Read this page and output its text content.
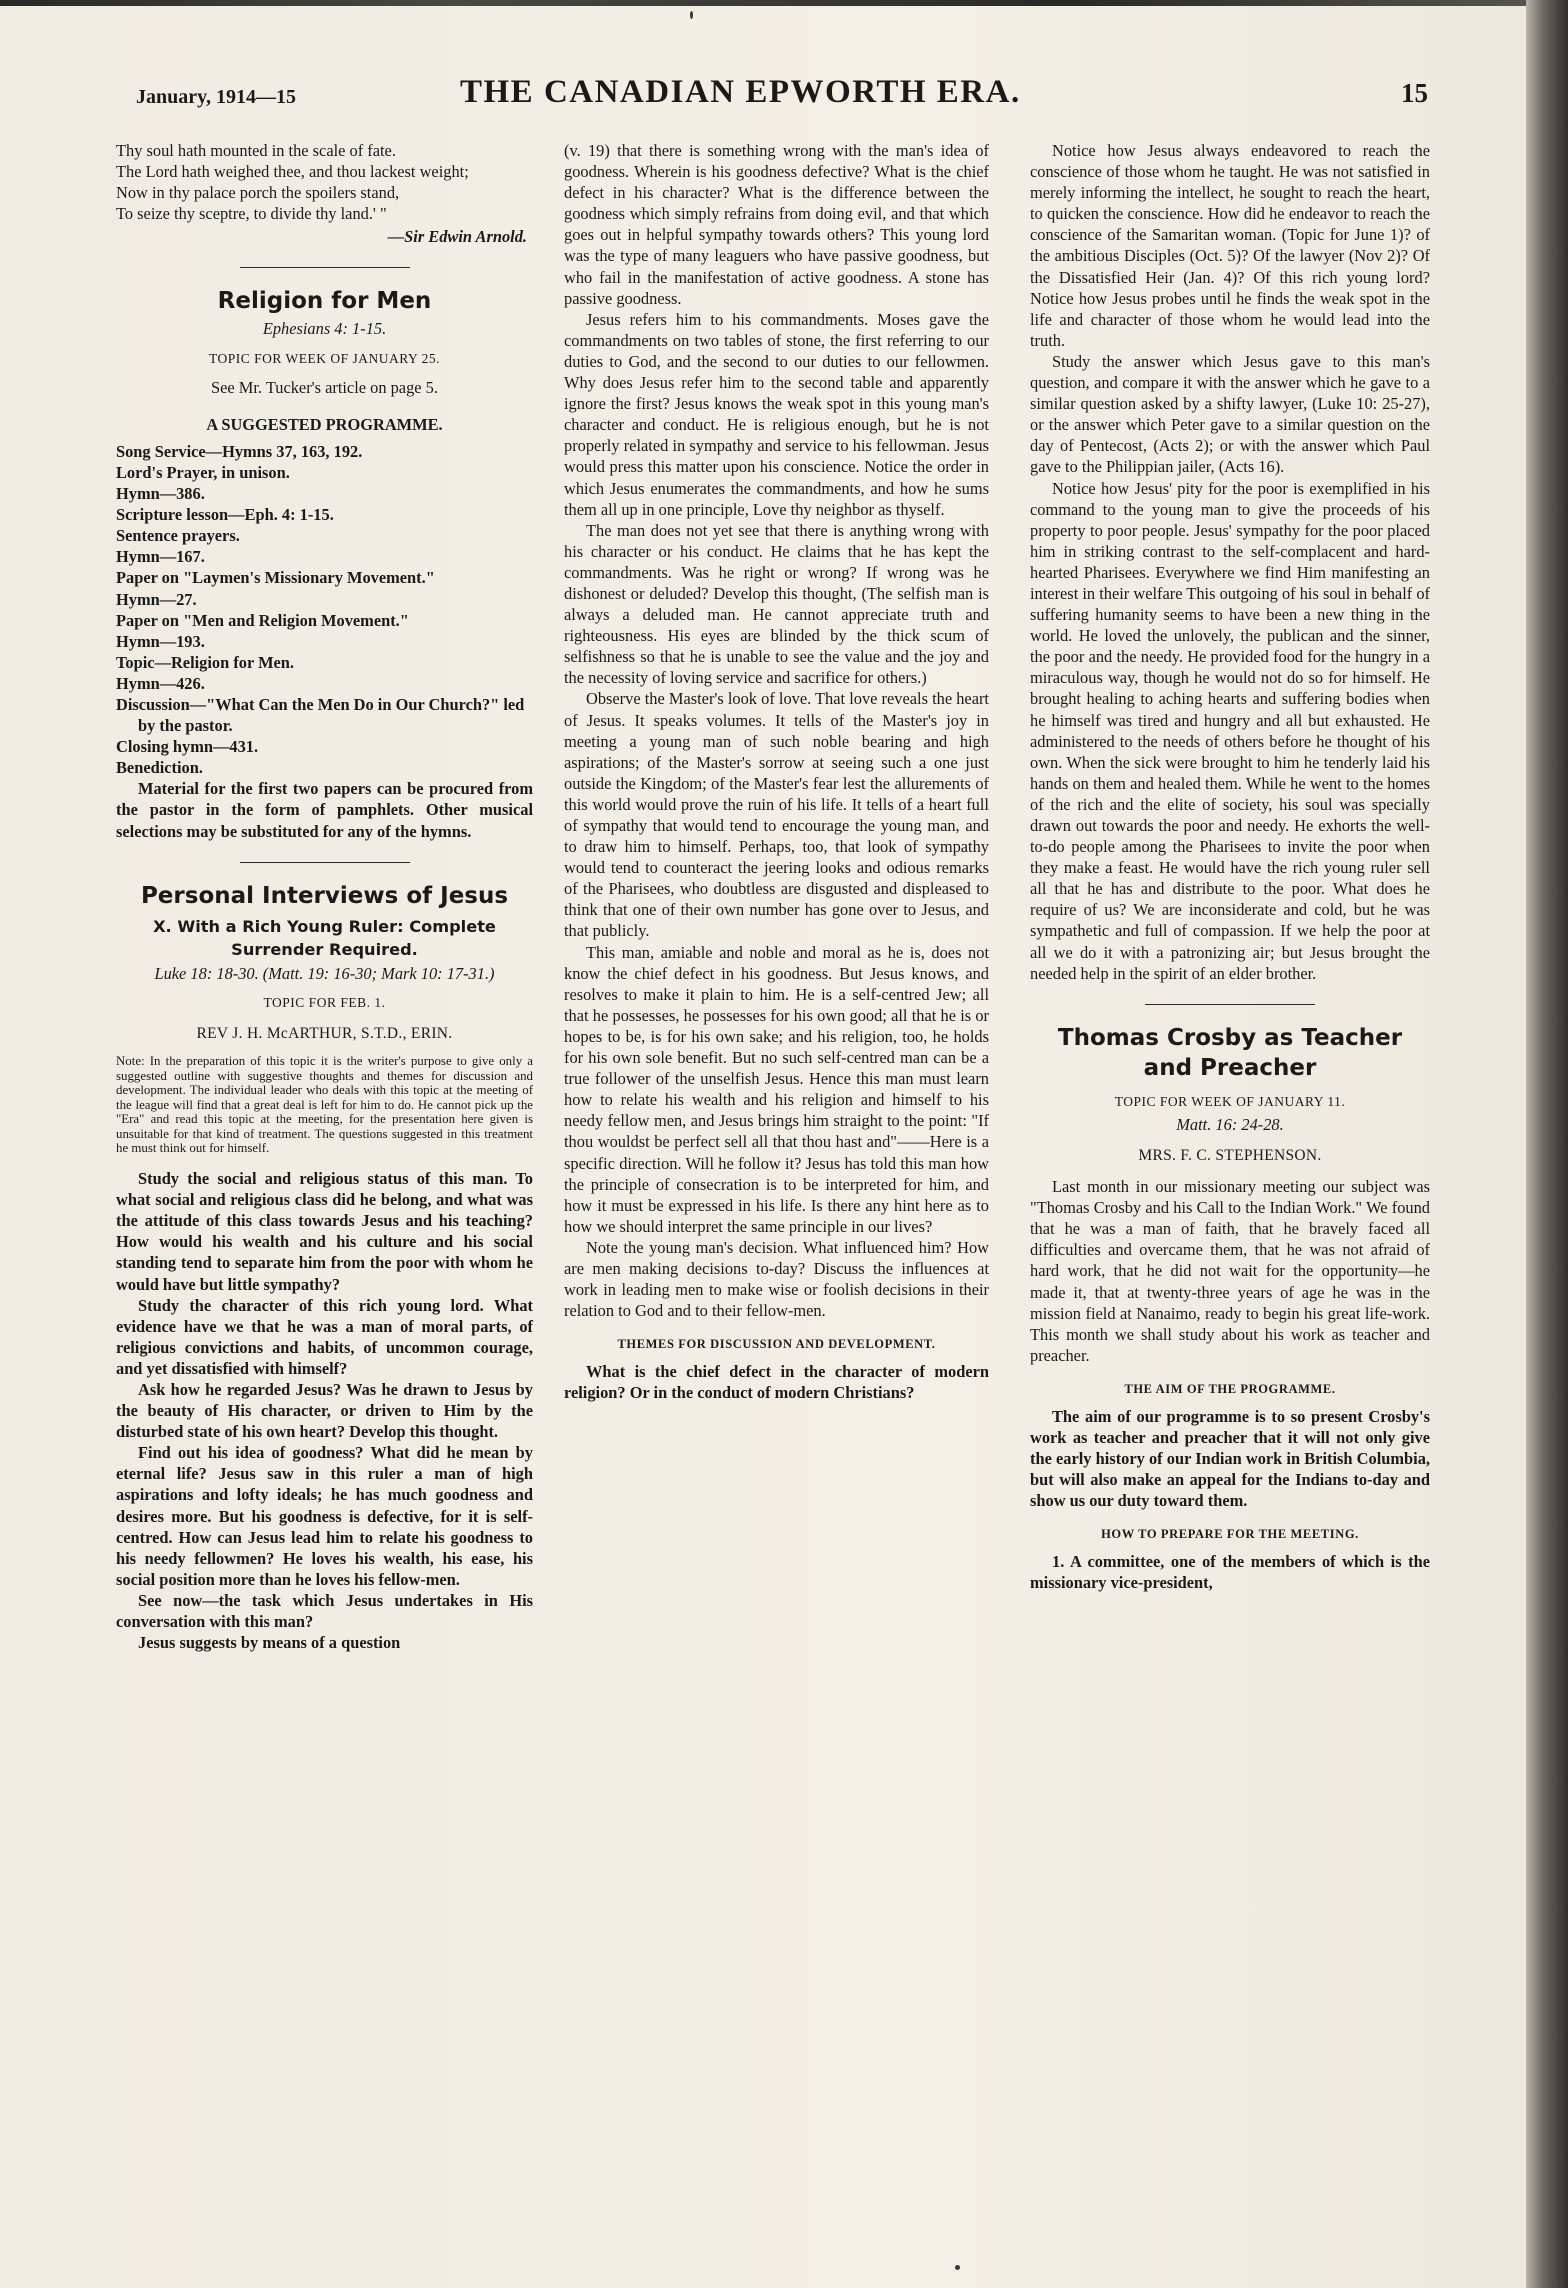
January, 1914—15	THE CANADIAN EPWORTH ERA.	15
Thy soul hath mounted in the scale of fate.
The Lord hath weighed thee, and thou lackest weight;
Now in thy palace porch the spoilers stand,
To seize thy sceptre, to divide thy land.' "
—Sir Edwin Arnold.
Religion for Men
Ephesians 4: 1-15.
TOPIC FOR WEEK OF JANUARY 25.
See Mr. Tucker's article on page 5.
A SUGGESTED PROGRAMME.
Song Service—Hymns 37, 163, 192.
Lord's Prayer, in unison.
Hymn—386.
Scripture lesson—Eph. 4: 1-15.
Sentence prayers.
Hymn—167.
Paper on "Laymen's Missionary Movement."
Hymn—27.
Paper on "Men and Religion Movement."
Hymn—193.
Topic—Religion for Men.
Hymn—426.
Discussion—"What Can the Men Do in Our Church?" led by the pastor.
Closing hymn—431.
Benediction.

Material for the first two papers can be procured from the pastor in the form of pamphlets. Other musical selections may be substituted for any of the hymns.

Personal Interviews of Jesus
X. With a Rich Young Ruler: Complete Surrender Required.
Luke 18: 18-30. (Matt. 19: 16-30; Mark 10: 17-31.)
TOPIC FOR FEB. 1.
REV J. H. McARTHUR, S.T.D., ERIN.

Note: In the preparation of this topic it is the writer's purpose to give only a suggested outline with suggestive thoughts and themes for discussion and development. The individual leader who deals with this topic at the meeting of the league will find that a great deal is left for him to do. He cannot pick up the "Era" and read this topic at the meeting, for the presentation here given is unsuitable for that kind of treatment. The questions suggested in this treatment he must think out for himself.

Study the social and religious status of this man. To what social and religious class did he belong, and what was the attitude of this class towards Jesus and his teaching? How would his wealth and his culture and his social standing tend to separate him from the poor with whom he would have but little sympathy?

Study the character of this rich young lord. What evidence have we that he was a man of moral parts, of religious convictions and habits, of uncommon courage, and yet dissatisfied with himself?

Ask how he regarded Jesus? Was he drawn to Jesus by the beauty of His character, or driven to Him by the disturbed state of his own heart? Develop this thought.

Find out his idea of goodness? What did he mean by eternal life? Jesus saw in this ruler a man of high aspirations and lofty ideals; he has much goodness and desires more. But his goodness is defective, for it is self-centred. How can Jesus lead him to relate his goodness to his needy fellowmen? He loves his wealth, his ease, his social position more than he loves his fellow-men.

See now—the task which Jesus undertakes in His conversation with this man?

Jesus suggests by means of a question

(v. 19) that there is something wrong with the man's idea of goodness. Wherein is his goodness defective? What is the chief defect in his character? What is the difference between the goodness which simply refrains from doing evil, and that which goes out in helpful sympathy towards others? This young lord was the type of many leaguers who have passive goodness, but who fail in the manifestation of active goodness. A stone has passive goodness.

Jesus refers him to his commandments. Moses gave the commandments on two tables of stone, the first referring to our duties to God, and the second to our duties to our fellowmen. Why does Jesus refer him to the second table and apparently ignore the first? Jesus knows the weak spot in this young man's character and conduct. He is religious enough, but he is not properly related in sympathy and service to his fellowman. Jesus would press this matter upon his conscience. Notice the order in which Jesus enumerates the commandments, and how he sums them all up in one principle, Love thy neighbor as thyself.

The man does not yet see that there is anything wrong with his character or his conduct. He claims that he has kept the commandments. Was he right or wrong? If wrong was he dishonest or deluded? Develop this thought, (The selfish man is always a deluded man. He cannot appreciate truth and righteousness. His eyes are blinded by the thick scum of selfishness so that he is unable to see the value and the joy and the necessity of loving service and sacrifice for others.)

Observe the Master's look of love. That love reveals the heart of Jesus. It speaks volumes. It tells of the Master's joy in meeting a young man of such noble bearing and high aspirations; of the Master's sorrow at seeing such a one just outside the Kingdom; of the Master's fear lest the allurements of this world would prove the ruin of his life. It tells of a heart full of sympathy that would tend to encourage the young man, and to draw him to himself. Perhaps, too, that look of sympathy would tend to counteract the jeering looks and odious remarks of the Pharisees, who doubtless are disgusted and displeased to think that one of their own number has gone over to Jesus, and that publicly.

This man, amiable and noble and moral as he is, does not know the chief defect in his goodness. But Jesus knows, and resolves to make it plain to him. He is a self-centred Jew; all that he possesses, he possesses for his own good; all that he is or hopes to be, is for his own sake; and his religion, too, he holds for his own sole benefit. But no such self-centred man can be a true follower of the unselfish Jesus. Hence this man must learn how to relate his wealth and his religion and himself to his needy fellow men, and Jesus brings him straight to the point: "If thou wouldst be perfect sell all that thou hast and"——Here is a specific direction. Will he follow it? Jesus has told this man how the principle of consecration is to be interpreted for him, and how it must be expressed in his life. Is there any hint here as to how we should interpret the same principle in our lives?

Note the young man's decision. What influenced him? How are men making decisions to-day? Discuss the influences at work in leading men to make wise or foolish decisions in their relation to God and to their fellow-men.

THEMES FOR DISCUSSION AND DEVELOPMENT.

What is the chief defect in the character of modern religion? Or in the conduct of modern Christians?

Notice how Jesus always endeavored to reach the conscience of those whom he taught. He was not satisfied in merely informing the intellect, he sought to reach the heart, to quicken the conscience. How did he endeavor to reach the conscience of the Samaritan woman. (Topic for June 1)? of the ambitious Disciples (Oct. 5)? Of the lawyer (Nov 2)? Of the Dissatisfied Heir (Jan. 4)? Of this rich young lord? Notice how Jesus probes until he finds the weak spot in the life and character of those whom he would lead into the truth.

Study the answer which Jesus gave to this man's question, and compare it with the answer which he gave to a similar question asked by a shifty lawyer, (Luke 10: 25-27), or the answer which Peter gave to a similar question on the day of Pentecost, (Acts 2); or with the answer which Paul gave to the Philippian jailer, (Acts 16).

Notice how Jesus' pity for the poor is exemplified in his command to the young man to give the proceeds of his property to poor people. Jesus' sympathy for the poor placed him in striking contrast to the self-complacent and hard-hearted Pharisees. Everywhere we find Him manifesting an interest in their welfare This outgoing of his soul in behalf of suffering humanity seems to have been a new thing in the world. He loved the unlovely, the publican and the sinner, the poor and the needy. He provided food for the hungry in a miraculous way, though he would not do so for himself. He brought healing to aching hearts and suffering bodies when he himself was tired and hungry and all but exhausted. He administered to the needs of others before he thought of his own. When the sick were brought to him he tenderly laid his hands on them and healed them. While he went to the homes of the rich and the elite of society, his soul was specially drawn out towards the poor and needy. He exhorts the well-to-do people among the Pharisees to invite the poor when they make a feast. He would have the rich young ruler sell all that he has and distribute to the poor. What does he require of us? We are inconsiderate and cold, but he was sympathetic and full of compassion. If we help the poor at all we do it with a patronizing air; but Jesus brought the needed help in the spirit of an elder brother.

Thomas Crosby as Teacher and Preacher
TOPIC FOR WEEK OF JANUARY 11.
Matt. 16: 24-28.
MRS. F. C. STEPHENSON.

Last month in our missionary meeting our subject was "Thomas Crosby and his Call to the Indian Work." We found that he was a man of faith, that he bravely faced all difficulties and overcame them, that he was not afraid of hard work, that he did not wait for the opportunity—he made it, that at twenty-three years of age he was in the mission field at Nanaimo, ready to begin his great life-work. This month we shall study about his work as teacher and preacher.

THE AIM OF THE PROGRAMME.

The aim of our programme is to so present Crosby's work as teacher and preacher that it will not only give the early history of our Indian work in British Columbia, but will also make an appeal for the Indians to-day and show us our duty toward them.

HOW TO PREPARE FOR THE MEETING.

1. A committee, one of the members of which is the missionary vice-president,
